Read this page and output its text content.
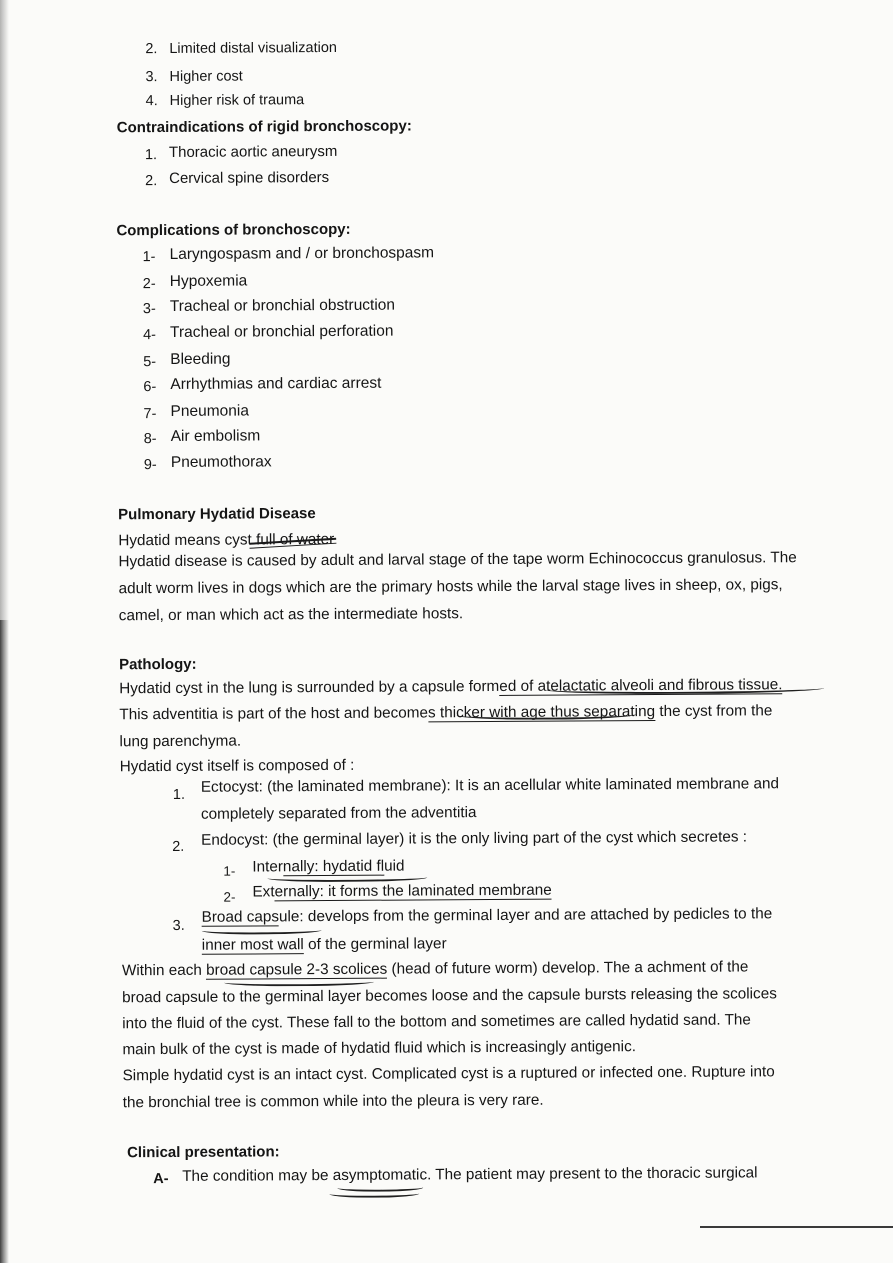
2. Limited distal visualization
3. Higher cost
4. Higher risk of trauma
Contraindications of rigid bronchoscopy:
1. Thoracic aortic aneurysm
2. Cervical spine disorders
Complications of bronchoscopy:
1- Laryngospasm and / or bronchospasm
2- Hypoxemia
3- Tracheal or bronchial obstruction
4- Tracheal or bronchial perforation
5- Bleeding
6- Arrhythmias and cardiac arrest
7- Pneumonia
8- Air embolism
9- Pneumothorax
Pulmonary Hydatid Disease
Hydatid means cyst full of water
Hydatid disease is caused by adult and larval stage of the tape worm Echinococcus granulosus. The
adult worm lives in dogs which are the primary hosts while the larval stage lives in sheep, ox, pigs,
camel, or man which act as the intermediate hosts.
Pathology:
Hydatid cyst in the lung is surrounded by a capsule formed of atelactatic alveoli and fibrous tissue.
This adventitia is part of the host and becomes thicker with age thus separating the cyst from the
lung parenchyma.
Hydatid cyst itself is composed of :
1. Ectocyst: (the laminated membrane): It is an acellular white laminated membrane and
completely separated from the adventitia
2. Endocyst: (the germinal layer) it is the only living part of the cyst which secretes :
1- Internally: hydatid fluid
2- Externally: it forms the laminated membrane
3.
Broad capsule: develops from the germinal layer and are attached by pedicles to the
inner most wall of the germinal layer
Within each broad capsule 2-3 scolices (head of future worm) develop. The a achment of the
broad capsule to the germinal layer becomes loose and the capsule bursts releasing the scolices
into the fluid of the cyst. These fall to the bottom and sometimes are called hydatid sand. The
main bulk of the cyst is made of hydatid fluid which is increasingly antigenic.
Simple hydatid cyst is an intact cyst. Complicated cyst is a ruptured or infected one. Rupture into
the bronchial tree is common while into the pleura is very rare.
Clinical presentation:
A- The condition may be asymptomatic. The patient may present to the thoracic surgical
